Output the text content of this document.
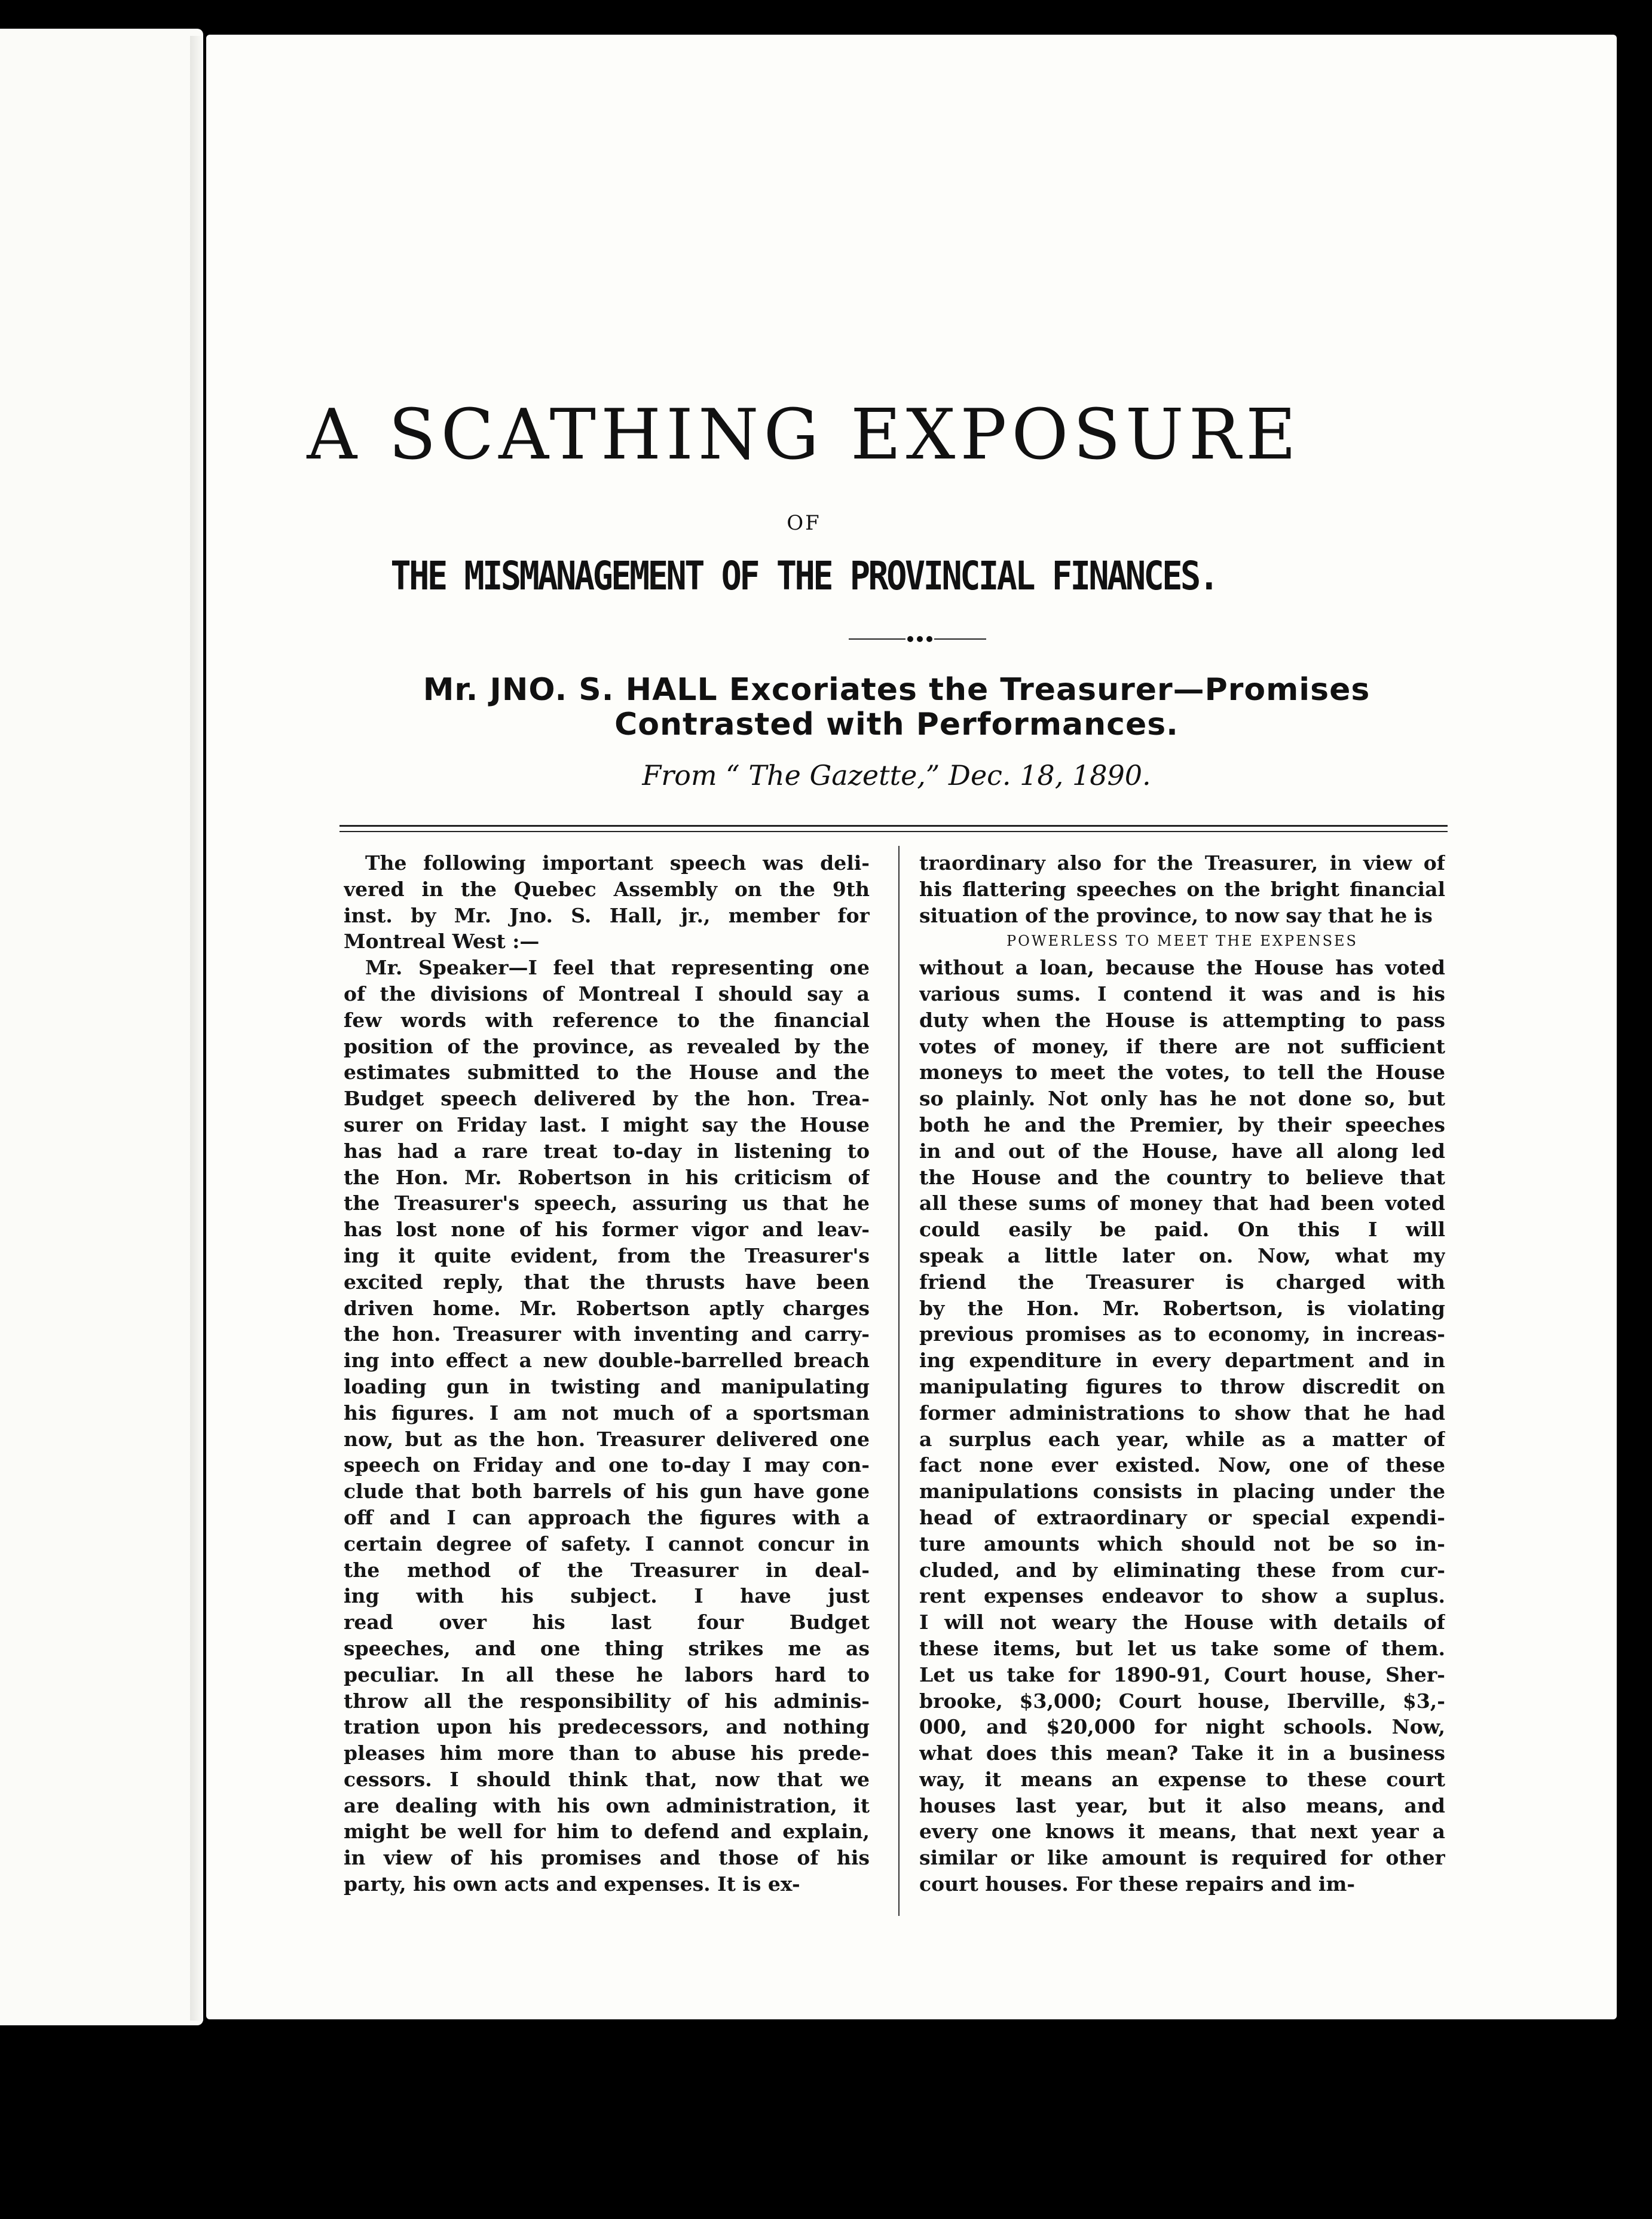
A SCATHING EXPOSURE
OF
THE MISMANAGEMENT OF THE PROVINCIAL FINANCES.
Mr. JNO. S. HALL Excoriates the Treasurer—Promises
Contrasted with Performances.
From “ The Gazette,” Dec. 18, 1890.
The following important speech was deli-
vered in the Quebec Assembly on the 9th
inst. by Mr. Jno. S. Hall, jr., member for
Montreal West :—
Mr. Speaker—I feel that representing one
of the divisions of Montreal I should say a
few words with reference to the financial
position of the province, as revealed by the
estimates submitted to the House and the
Budget speech delivered by the hon. Trea-
surer on Friday last. I might say the House
has had a rare treat to-day in listening to
the Hon. Mr. Robertson in his criticism of
the Treasurer's speech, assuring us that he
has lost none of his former vigor and leav-
ing it quite evident, from the Treasurer's
excited reply, that the thrusts have been
driven home. Mr. Robertson aptly charges
the hon. Treasurer with inventing and carry-
ing into effect a new double-barrelled breach
loading gun in twisting and manipulating
his figures. I am not much of a sportsman
now, but as the hon. Treasurer delivered one
speech on Friday and one to-day I may con-
clude that both barrels of his gun have gone
off and I can approach the figures with a
certain degree of safety. I cannot concur in
the method of the Treasurer in deal-
ing with his subject. I have just
read over his last four Budget
speeches, and one thing strikes me as
peculiar. In all these he labors hard to
throw all the responsibility of his adminis-
tration upon his predecessors, and nothing
pleases him more than to abuse his prede-
cessors. I should think that, now that we
are dealing with his own administration, it
might be well for him to defend and explain,
in view of his promises and those of his
party, his own acts and expenses. It is ex-
traordinary also for the Treasurer, in view of
his flattering speeches on the bright financial
situation of the province, to now say that he is
POWERLESS TO MEET THE EXPENSES
without a loan, because the House has voted
various sums. I contend it was and is his
duty when the House is attempting to pass
votes of money, if there are not sufficient
moneys to meet the votes, to tell the House
so plainly. Not only has he not done so, but
both he and the Premier, by their speeches
in and out of the House, have all along led
the House and the country to believe that
all these sums of money that had been voted
could easily be paid. On this I will
speak a little later on. Now, what my
friend the Treasurer is charged with
by the Hon. Mr. Robertson, is violating
previous promises as to economy, in increas-
ing expenditure in every department and in
manipulating figures to throw discredit on
former administrations to show that he had
a surplus each year, while as a matter of
fact none ever existed. Now, one of these
manipulations consists in placing under the
head of extraordinary or special expendi-
ture amounts which should not be so in-
cluded, and by eliminating these from cur-
rent expenses endeavor to show a suplus.
I will not weary the House with details of
these items, but let us take some of them.
Let us take for 1890-91, Court house, Sher-
brooke, $3,000; Court house, Iberville, $3,-
000, and $20,000 for night schools. Now,
what does this mean? Take it in a business
way, it means an expense to these court
houses last year, but it also means, and
every one knows it means, that next year a
similar or like amount is required for other
court houses. For these repairs and im-
